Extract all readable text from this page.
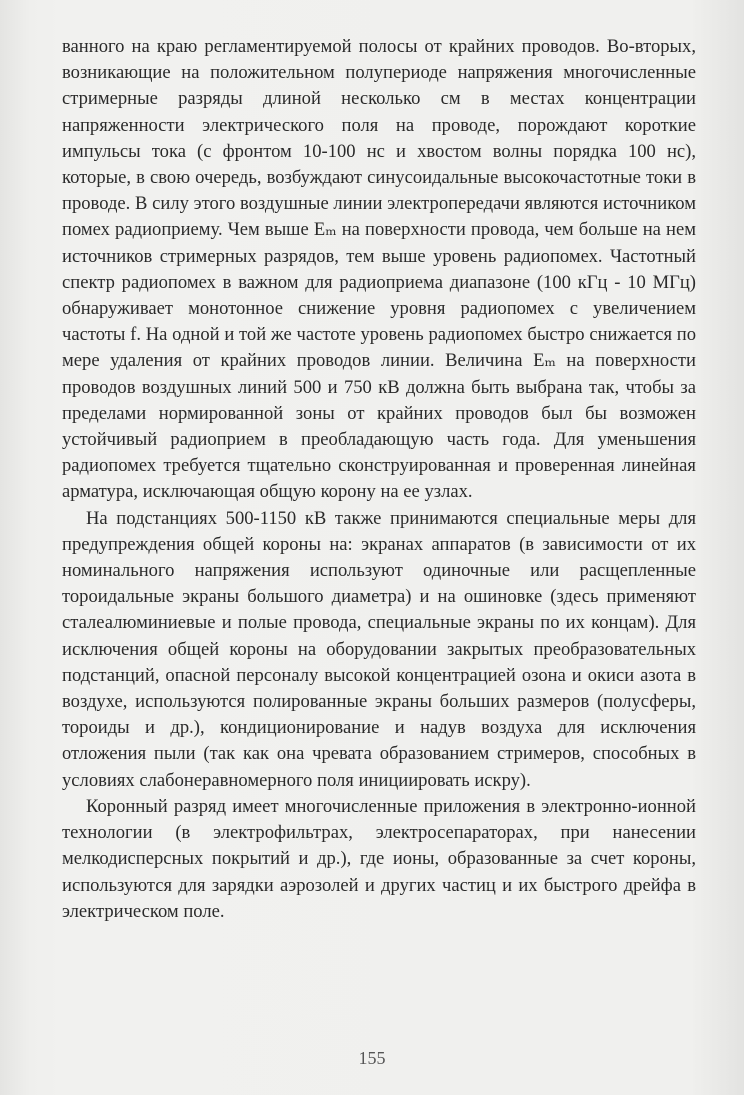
ванного на краю регламентируемой полосы от крайних проводов. Во-вторых, возникающие на положительном полупериоде напряжения многочисленные стримерные разряды длиной несколько см в местах концентрации напряженности электрического поля на проводе, порождают короткие импульсы тока (с фронтом 10-100 нс и хвостом волны порядка 100 нс), которые, в свою очередь, возбуждают синусоидальные высокочастотные токи в проводе. В силу этого воздушные линии электропередачи являются источником помех радиоприему. Чем выше Eₘ на поверхности провода, чем больше на нем источников стримерных разрядов, тем выше уровень радиопомех. Частотный спектр радиопомех в важном для радиоприема диапазоне (100 кГц - 10 МГц) обнаруживает монотонное снижение уровня радиопомех с увеличением частоты f. На одной и той же частоте уровень радиопомех быстро снижается по мере удаления от крайних проводов линии. Величина Eₘ на поверхности проводов воздушных линий 500 и 750 кВ должна быть выбрана так, чтобы за пределами нормированной зоны от крайних проводов был бы возможен устойчивый радиоприем в преобладающую часть года. Для уменьшения радиопомех требуется тщательно сконструированная и проверенная линейная арматура, исключающая общую корону на ее узлах.

На подстанциях 500-1150 кВ также принимаются специальные меры для предупреждения общей короны на: экранах аппаратов (в зависимости от их номинального напряжения используют одиночные или расщепленные тороидальные экраны большого диаметра) и на ошиновке (здесь применяют сталеалюминиевые и полые провода, специальные экраны по их концам). Для исключения общей короны на оборудовании закрытых преобразовательных подстанций, опасной персоналу высокой концентрацией озона и окиси азота в воздухе, используются полированные экраны больших размеров (полусферы, тороиды и др.), кондиционирование и надув воздуха для исключения отложения пыли (так как она чревата образованием стримеров, способных в условиях слабонеравномерного поля инициировать искру).

Коронный разряд имеет многочисленные приложения в электронно-ионной технологии (в электрофильтрах, электросепараторах, при нанесении мелкодисперсных покрытий и др.), где ионы, образованные за счет короны, используются для зарядки аэрозолей и других частиц и их быстрого дрейфа в электрическом поле.

155
